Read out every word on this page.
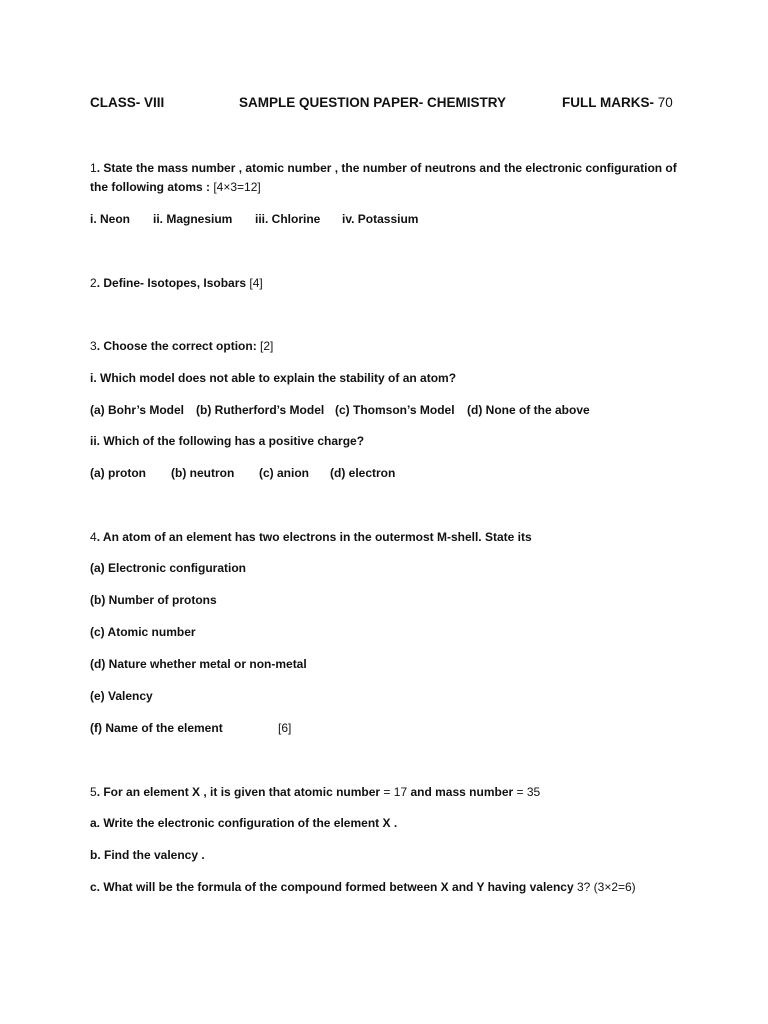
CLASS- VIII	SAMPLE QUESTION PAPER- CHEMISTRY	FULL MARKS- 70
1. State the mass number , atomic number , the number of neutrons and the electronic configuration of
the following atoms : [4×3=12]
i. Neon ii. Magnesium iii. Chlorine iv. Potassium
2. Define- Isotopes, Isobars [4]
3. Choose the correct option: [2]
i. Which model does not able to explain the stability of an atom?
(a) Bohr’s Model (b) Rutherford’s Model (c) Thomson’s Model (d) None of the above
ii. Which of the following has a positive charge?
(a) proton (b) neutron (c) anion (d) electron
4. An atom of an element has two electrons in the outermost M-shell. State its
(a) Electronic configuration
(b) Number of protons
(c) Atomic number
(d) Nature whether metal or non-metal
(e) Valency
(f) Name of the element	[6]
5. For an element X , it is given that atomic number = 17 and mass number = 35
a. Write the electronic configuration of the element X .
b. Find the valency .
c. What will be the formula of the compound formed between X and Y having valency 3? (3×2=6)
